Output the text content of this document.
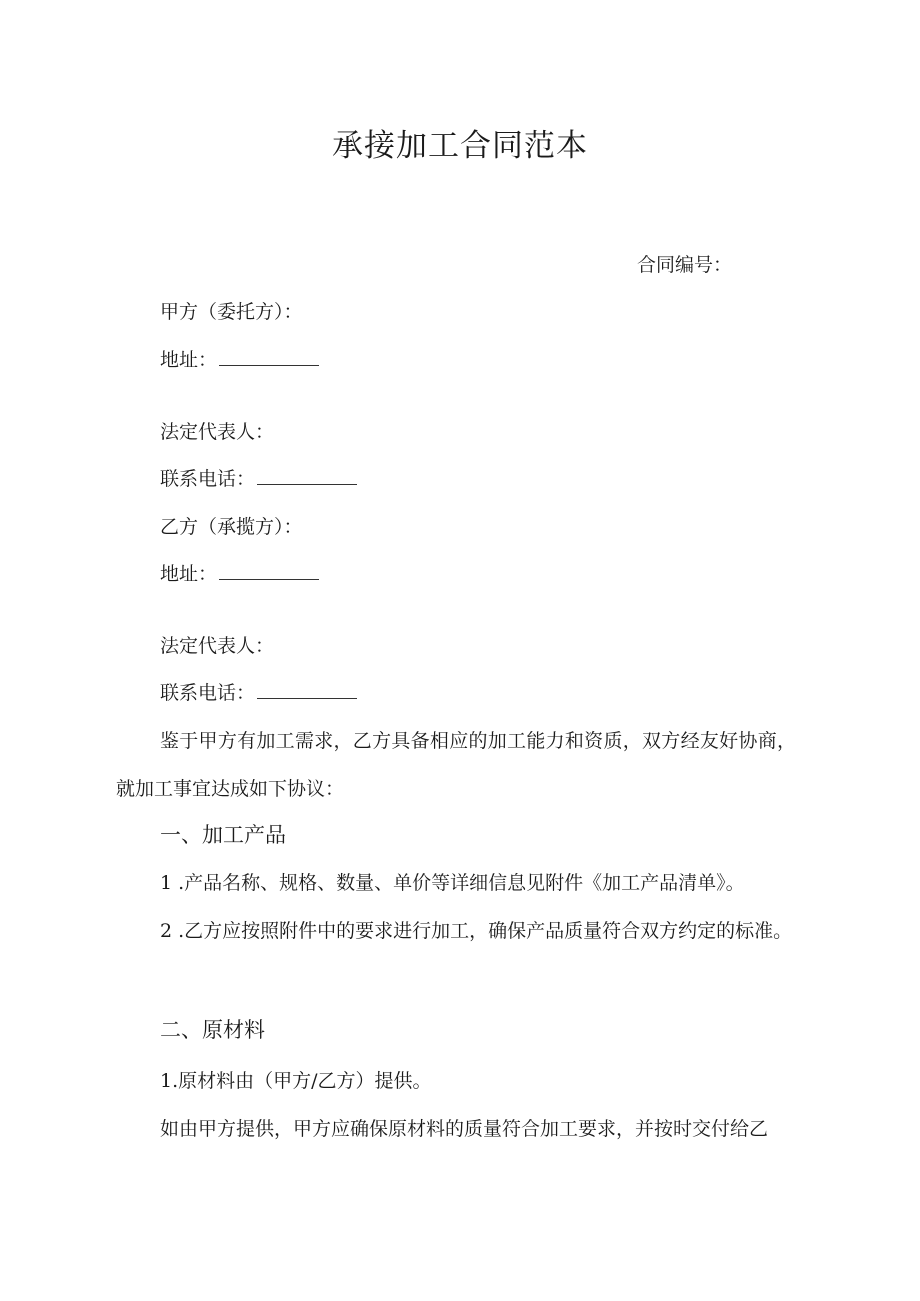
承接加工合同范本
合同编号：
甲方（委托方）：
地址：
法定代表人：
联系电话：
乙方（承揽方）：
地址：
法定代表人：
联系电话：
鉴于甲方有加工需求，乙方具备相应的加工能力和资质，双方经友好协商，就加工事宜达成如下协议：
一、加工产品
1 .产品名称、规格、数量、单价等详细信息见附件《加工产品清单》。
2 .乙方应按照附件中的要求进行加工，确保产品质量符合双方约定的标准。
二、原材料
1.原材料由（甲方/乙方）提供。
如由甲方提供，甲方应确保原材料的质量符合加工要求，并按时交付给乙
